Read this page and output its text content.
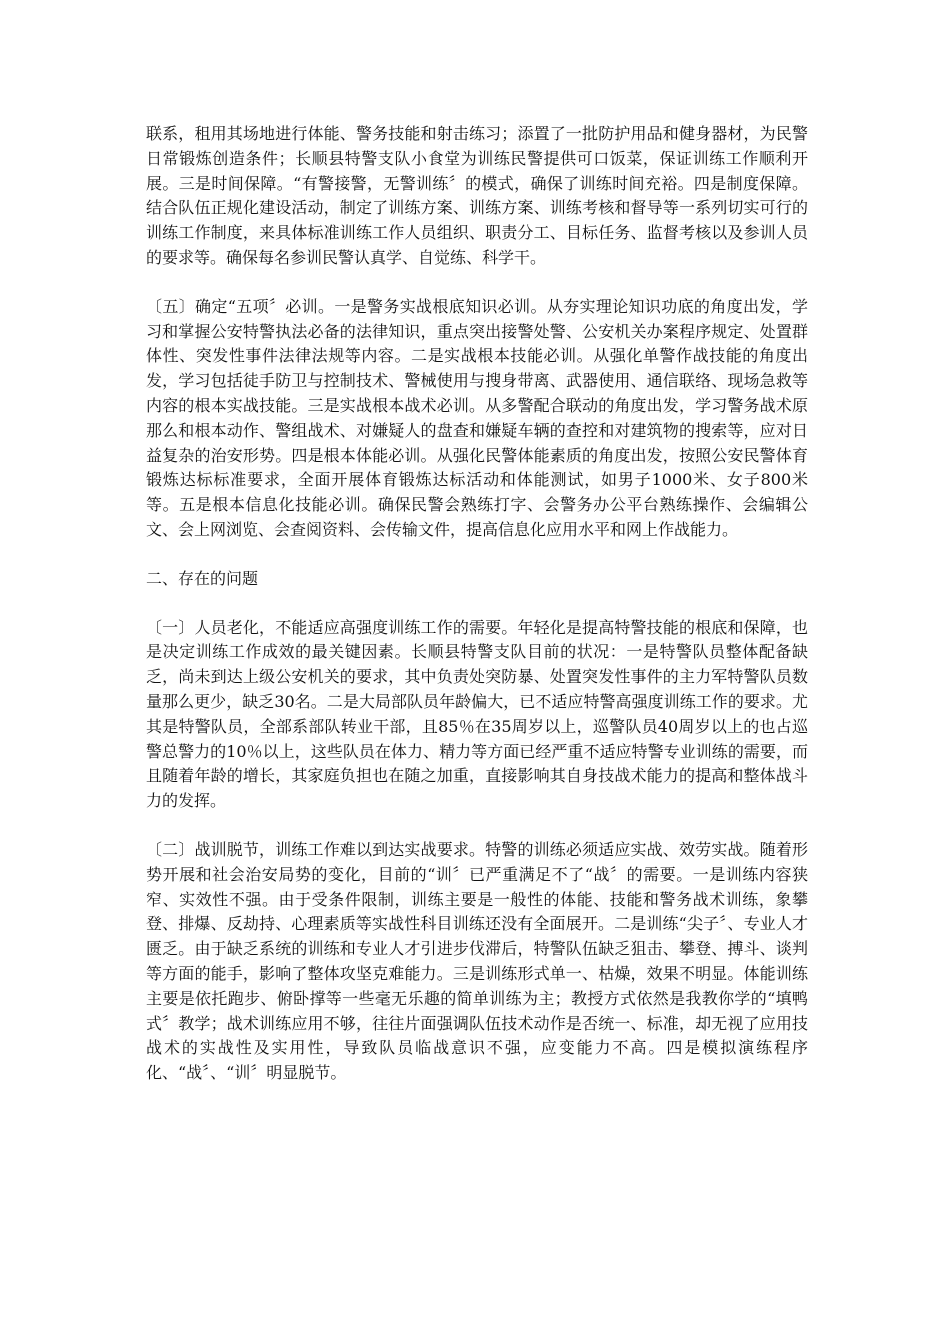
联系，租用其场地进行体能、警务技能和射击练习；添置了一批防护用品和健身器材，为民警日常锻炼创造条件；长顺县特警支队小食堂为训练民警提供可口饭菜，保证训练工作顺利开展。三是时间保障。“有警接警，无警训练〞的模式，确保了训练时间充裕。四是制度保障。结合队伍正规化建设活动，制定了训练方案、训练方案、训练考核和督导等一系列切实可行的训练工作制度，来具体标准训练工作人员组织、职责分工、目标任务、监督考核以及参训人员的要求等。确保每名参训民警认真学、自觉练、科学干。

〔五〕确定“五项〞必训。一是警务实战根底知识必训。从夯实理论知识功底的角度出发，学习和掌握公安特警执法必备的法律知识，重点突出接警处警、公安机关办案程序规定、处置群体性、突发性事件法律法规等内容。二是实战根本技能必训。从强化单警作战技能的角度出发，学习包括徒手防卫与控制技术、警械使用与搜身带离、武器使用、通信联络、现场急救等内容的根本实战技能。三是实战根本战术必训。从多警配合联动的角度出发，学习警务战术原那么和根本动作、警组战术、对嫌疑人的盘查和嫌疑车辆的查控和对建筑物的搜索等，应对日益复杂的治安形势。四是根本体能必训。从强化民警体能素质的角度出发，按照公安民警体育锻炼达标标准要求，全面开展体育锻炼达标活动和体能测试，如男子1000米、女子800米等。五是根本信息化技能必训。确保民警会熟练打字、会警务办公平台熟练操作、会编辑公文、会上网浏览、会查阅资料、会传输文件，提高信息化应用水平和网上作战能力。

二、存在的问题

〔一〕人员老化，不能适应高强度训练工作的需要。年轻化是提高特警技能的根底和保障，也是决定训练工作成效的最关键因素。长顺县特警支队目前的状况：一是特警队员整体配备缺乏，尚未到达上级公安机关的要求，其中负责处突防暴、处置突发性事件的主力军特警队员数量那么更少，缺乏30名。二是大局部队员年龄偏大，已不适应特警高强度训练工作的要求。尤其是特警队员，全部系部队转业干部，且85％在35周岁以上，巡警队员40周岁以上的也占巡警总警力的10％以上，这些队员在体力、精力等方面已经严重不适应特警专业训练的需要，而且随着年龄的增长，其家庭负担也在随之加重，直接影响其自身技战术能力的提高和整体战斗力的发挥。

〔二〕战训脱节，训练工作难以到达实战要求。特警的训练必须适应实战、效劳实战。随着形势开展和社会治安局势的变化，目前的“训〞已严重满足不了“战〞的需要。一是训练内容狭窄、实效性不强。由于受条件限制，训练主要是一般性的体能、技能和警务战术训练，象攀登、排爆、反劫持、心理素质等实战性科目训练还没有全面展开。二是训练“尖子〞、专业人才匮乏。由于缺乏系统的训练和专业人才引进步伐滞后，特警队伍缺乏狙击、攀登、搏斗、谈判等方面的能手，影响了整体攻坚克难能力。三是训练形式单一、枯燥，效果不明显。体能训练主要是依托跑步、俯卧撑等一些毫无乐趣的简单训练为主；教授方式依然是我教你学的“填鸭式〞教学；战术训练应用不够，往往片面强调队伍技术动作是否统一、标准，却无视了应用技战术的实战性及实用性，导致队员临战意识不强，应变能力不高。四是模拟演练程序化、“战〞、“训〞明显脱节。
